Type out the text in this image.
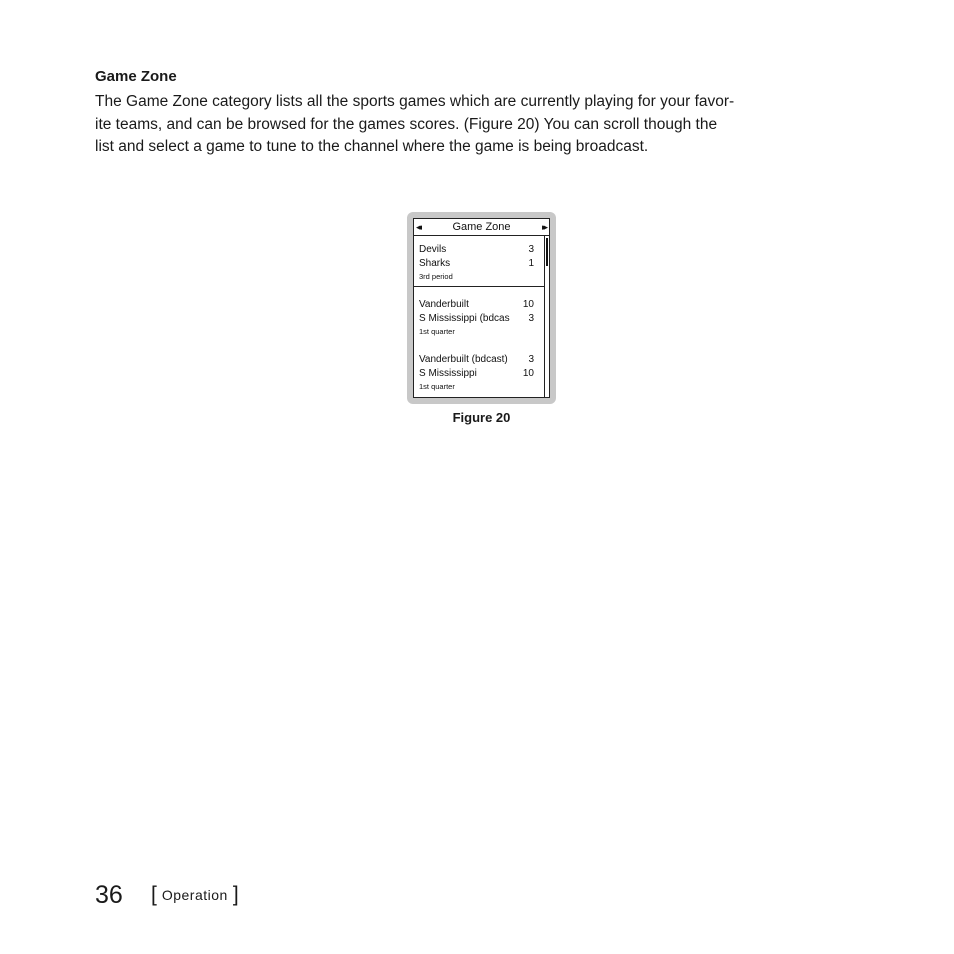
Game Zone

The Game Zone category lists all the sports games which are currently playing for your favor-
ite teams, and can be browsed for the games scores. (Figure 20) You can scroll though the
list and select a game to tune to the channel where the game is being broadcast.

◂◂	Game Zone	▸▸
Devils	3
Sharks	1
3rd period
Vanderbuilt	10
S Mississippi (bdcas 3
1st quarter
Vanderbuilt (bdcast) 3
S Mississippi	10
1st quarter
Figure 20
36 [ Operation ]
